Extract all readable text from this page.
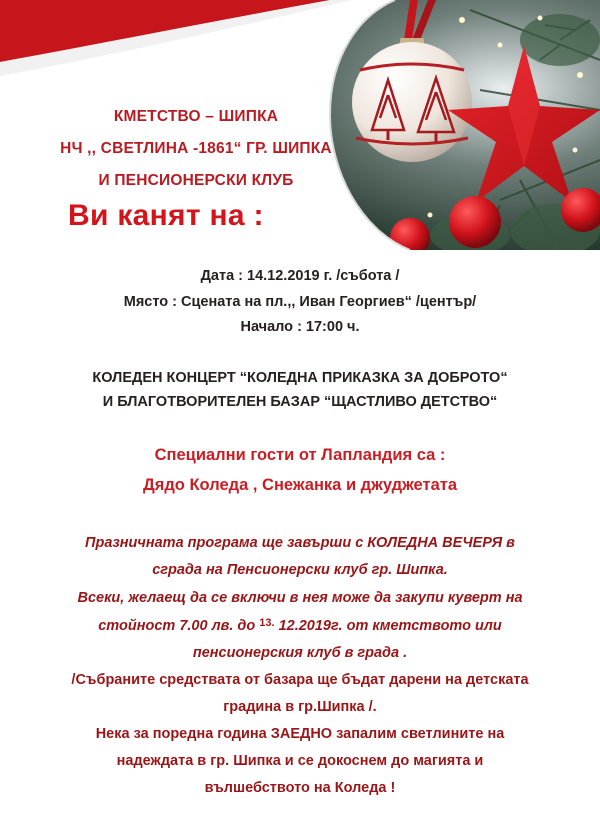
КМЕТСТВО – ШИПКА
НЧ ,, СВЕТЛИНА -1861“ ГР. ШИПКА
И ПЕНСИОНЕРСКИ КЛУБ
Ви канят на :
Дата : 14.12.2019 г. /събота /
Място : Сцената на пл.,, Иван Георгиев“ /център/
Начало : 17:00 ч.
КОЛЕДЕН КОНЦЕРТ “КОЛЕДНА ПРИКАЗКА ЗА ДОБРОТО“
И БЛАГОТВОРИТЕЛЕН БАЗАР “ЩАСТЛИВО ДЕТСТВО“
Специални гости от Лапландия са :
Дядо Коледа , Снежанка и джуджетата
Празничната програма ще завърши с КОЛЕДНА ВЕЧЕРЯ в
сграда на Пенсионерски клуб гр. Шипка.
Всеки, желаещ да се включи в нея може да закупи куверт на
стойност 7.00 лв. до $^{13.}$ 12.2019г. от кметството или
пенсионерския клуб в града .
/Събраните средствата от базара ще бъдат дарени на детската
градина в гр.Шипка /.
Нека за поредна година ЗАЕДНО запалим светлините на
надеждата в гр. Шипка и се докоснем до магията и
вълшебството на Коледа !
